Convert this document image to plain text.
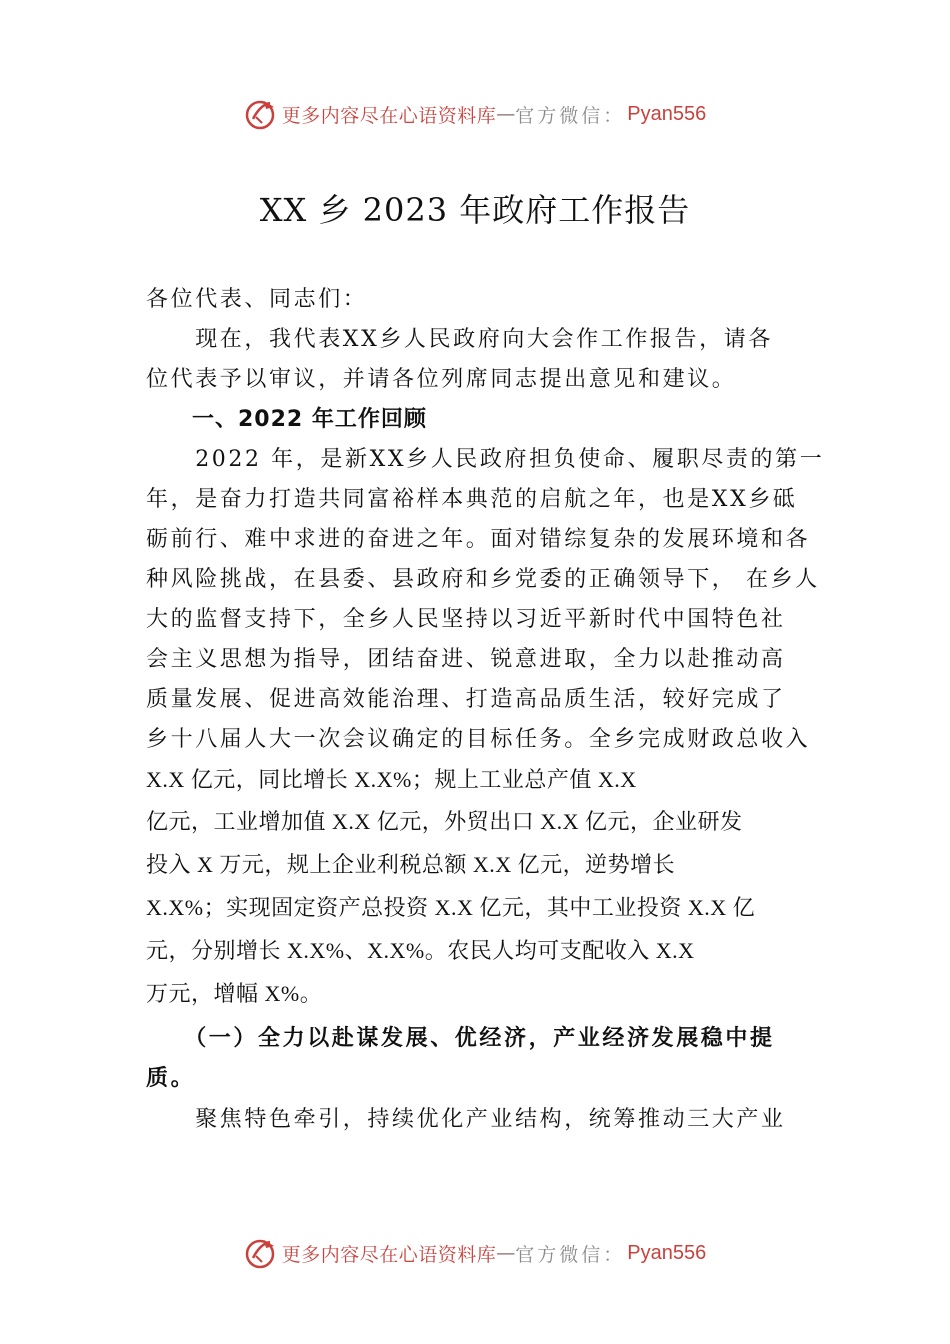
更多内容尽在心语资料库 — 官方微信： Pyan556
XX 乡 2023 年政府工作报告
各位代表、同志们：
　　现在，我代表XX乡人民政府向大会作工作报告，请各
位代表予以审议，并请各位列席同志提出意见和建议。
　　一、2022 年工作回顾
　　2022 年，是新XX乡人民政府担负使命、履职尽责的第一
年，是奋力打造共同富裕样本典范的启航之年，也是XX乡砥
砺前行、难中求进的奋进之年。面对错综复杂的发展环境和各
种风险挑战，在县委、县政府和乡党委的正确领导下， 在乡人
大的监督支持下，全乡人民坚持以习近平新时代中国特色社
会主义思想为指导，团结奋进、锐意进取，全力以赴推动高
质量发展、促进高效能治理、打造高品质生活，较好完成了
乡十八届人大一次会议确定的目标任务。全乡完成财政总收入
X.X 亿元，同比增长 X.X%；规上工业总产值 X.X
亿元，工业增加值 X.X 亿元，外贸出口 X.X 亿元，企业研发
投入 X 万元，规上企业利税总额 X.X 亿元，逆势增长
X.X%；实现固定资产总投资 X.X 亿元，其中工业投资 X.X 亿
元，分别增长 X.X%、X.X%。农民人均可支配收入 X.X
万元，增幅 X%。
　　（一）全力以赴谋发展、优经济，产业经济发展稳中提
质。
　　聚焦特色牵引，持续优化产业结构，统筹推动三大产业
更多内容尽在心语资料库 — 官方微信： Pyan556
